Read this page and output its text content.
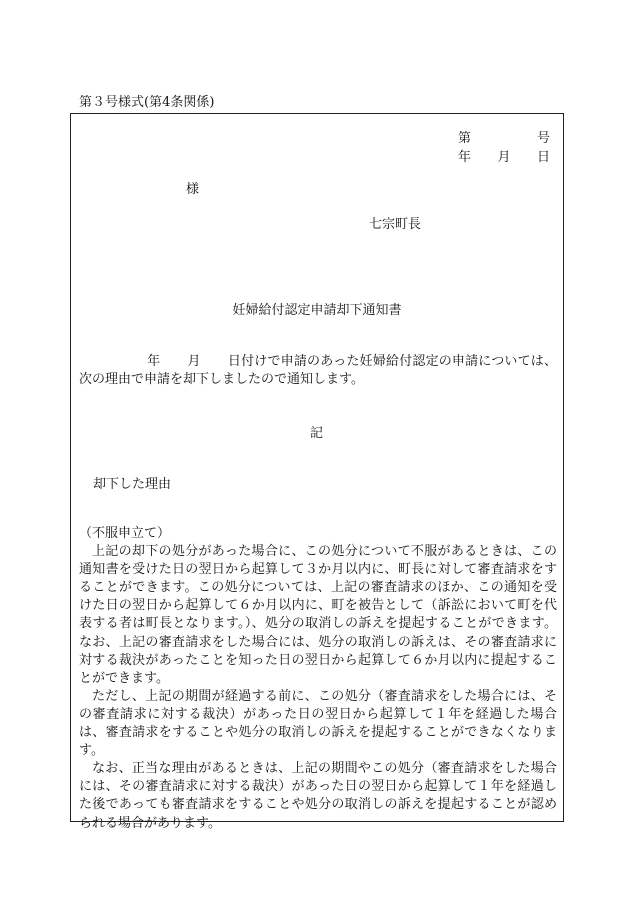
第３号様式(第4条関係)
第	号
年 月 日
様
七宗町長
妊婦給付認定申請却下通知書
年 月 日付けで申請のあった妊婦給付認定の申請については、次の理由で申請を却下しましたので通知します。
記
却下した理由

（不服申立て）

上記の却下の処分があった場合に、この処分について不服があるときは、この通知書を受けた日の翌日から起算して３か月以内に、町長に対して審査請求をすることができます。この処分については、上記の審査請求のほか、この通知を受けた日の翌日から起算して６か月以内に、町を被告として（訴訟において町を代表する者は町長となります。）、処分の取消しの訴えを提起することができます。なお、上記の審査請求をした場合には、処分の取消しの訴えは、その審査請求に対する裁決があったことを知った日の翌日から起算して６か月以内に提起することができます。

ただし、上記の期間が経過する前に、この処分（審査請求をした場合には、その審査請求に対する裁決）があった日の翌日から起算して１年を経過した場合は、審査請求をすることや処分の取消しの訴えを提起することができなくなります。

なお、正当な理由があるときは、上記の期間やこの処分（審査請求をした場合には、その審査請求に対する裁決）があった日の翌日から起算して１年を経過した後であっても審査請求をすることや処分の取消しの訴えを提起することが認められる場合があります。
